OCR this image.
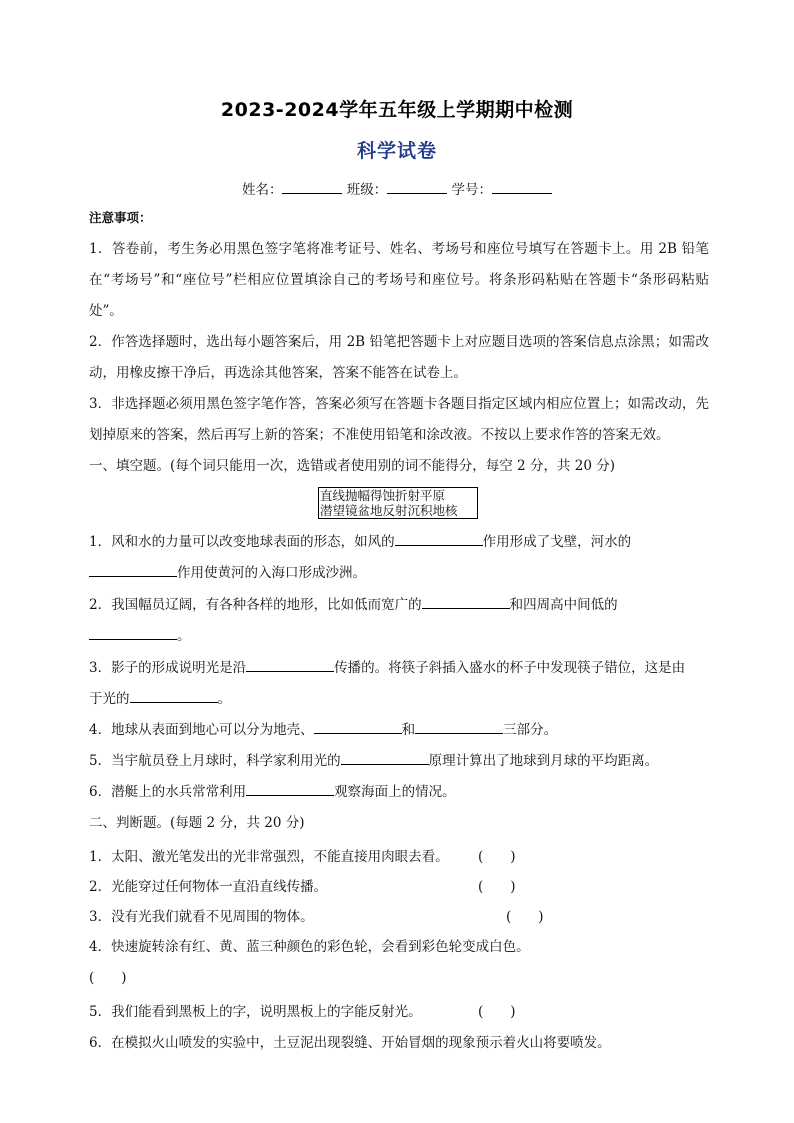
2023-2024学年五年级上学期期中检测
科学试卷
姓名：	班级：	学号：
注意事项：
1．答卷前，考生务必用黑色签字笔将准考证号、姓名、考场号和座位号填写在答题卡上。用 2B 铅笔在“考场号”和“座位号”栏相应位置填涂自己的考场号和座位号。将条形码粘贴在答题卡“条形码粘贴处”。
2．作答选择题时，选出每小题答案后，用 2B 铅笔把答题卡上对应题目选项的答案信息点涂黑；如需改动，用橡皮擦干净后，再选涂其他答案，答案不能答在试卷上。
3．非选择题必须用黑色签字笔作答，答案必须写在答题卡各题目指定区域内相应位置上；如需改动，先划掉原来的答案，然后再写上新的答案；不准使用铅笔和涂改液。不按以上要求作答的答案无效。
一、填空题。(每个词只能用一次，选错或者使用别的词不能得分，每空 2 分，共 20 分)
直线抛幅得蚀折射平原
潜望镜盆地反射沉积地核
1．风和水的力量可以改变地球表面的形态，如风的	作用形成了戈壁，河水的
作用使黄河的入海口形成沙洲。
2．我国幅员辽阔，有各种各样的地形，比如低而宽广的	和四周高中间低的
。
3．影子的形成说明光是沿	传播的。将筷子斜插入盛水的杯子中发现筷子错位，这是由
于光的	。
4．地球从表面到地心可以分为地壳、	和	三部分。
5．当宇航员登上月球时，科学家利用光的	原理计算出了地球到月球的平均距离。
6．潜艇上的水兵常常利用	观察海面上的情况。
二、判断题。(每题 2 分，共 20 分)
1．太阳、激光笔发出的光非常强烈，不能直接用肉眼去看。 (　　)
2．光能穿过任何物体一直沿直线传播。	(　　)
3．没有光我们就看不见周围的物体。	(　　)
4．快速旋转涂有红、黄、蓝三种颜色的彩色轮，会看到彩色轮变成白色。
(　　)
5．我们能看到黑板上的字，说明黑板上的字能反射光。	(　　)
6．在模拟火山喷发的实验中，土豆泥出现裂缝、开始冒烟的现象预示着火山将要喷发。
